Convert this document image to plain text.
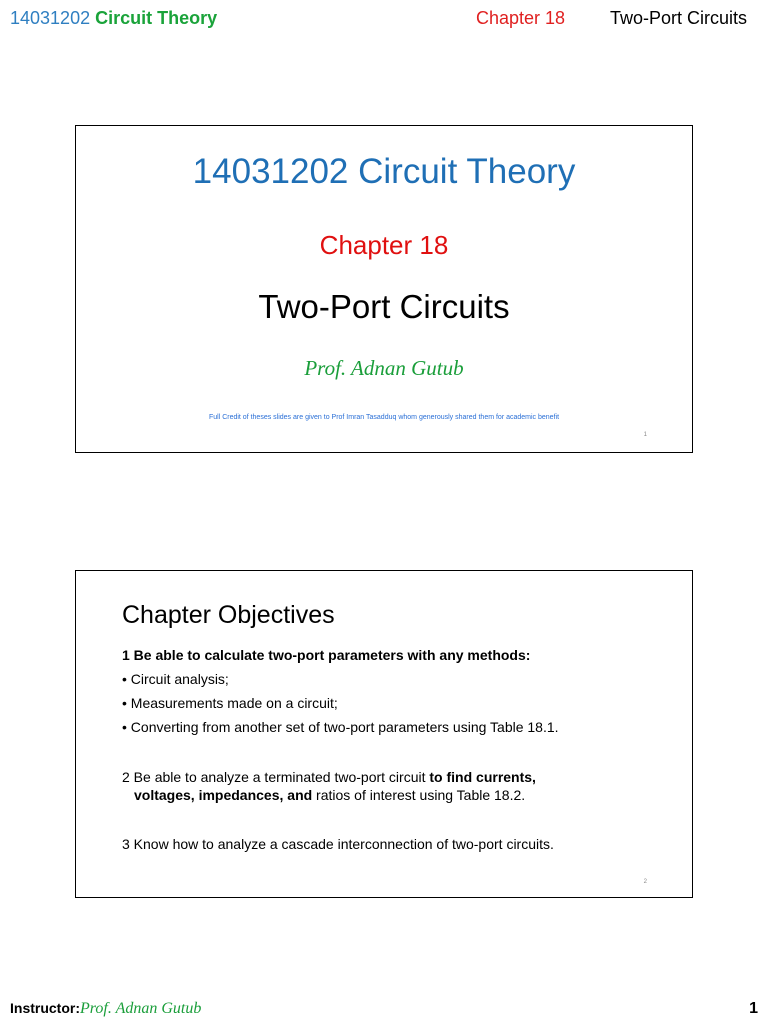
14031202 Circuit Theory	Chapter 18 Two-Port Circuits
14031202 Circuit Theory
Chapter 18
Two-Port Circuits
Prof. Adnan Gutub
Full Credit of theses slides are given to Prof Imran Tasadduq whom generously shared them for academic benefit
1
Chapter Objectives
1 Be able to calculate two-port parameters with any methods:
• Circuit analysis;
• Measurements made on a circuit;
• Converting from another set of two-port parameters using Table 18.1.
2 Be able to analyze a terminated two-port circuit to find currents,
voltages, impedances, and ratios of interest using Table 18.2.
3 Know how to analyze a cascade interconnection of two-port circuits.
2
Instructor:Prof. Adnan Gutub	1
